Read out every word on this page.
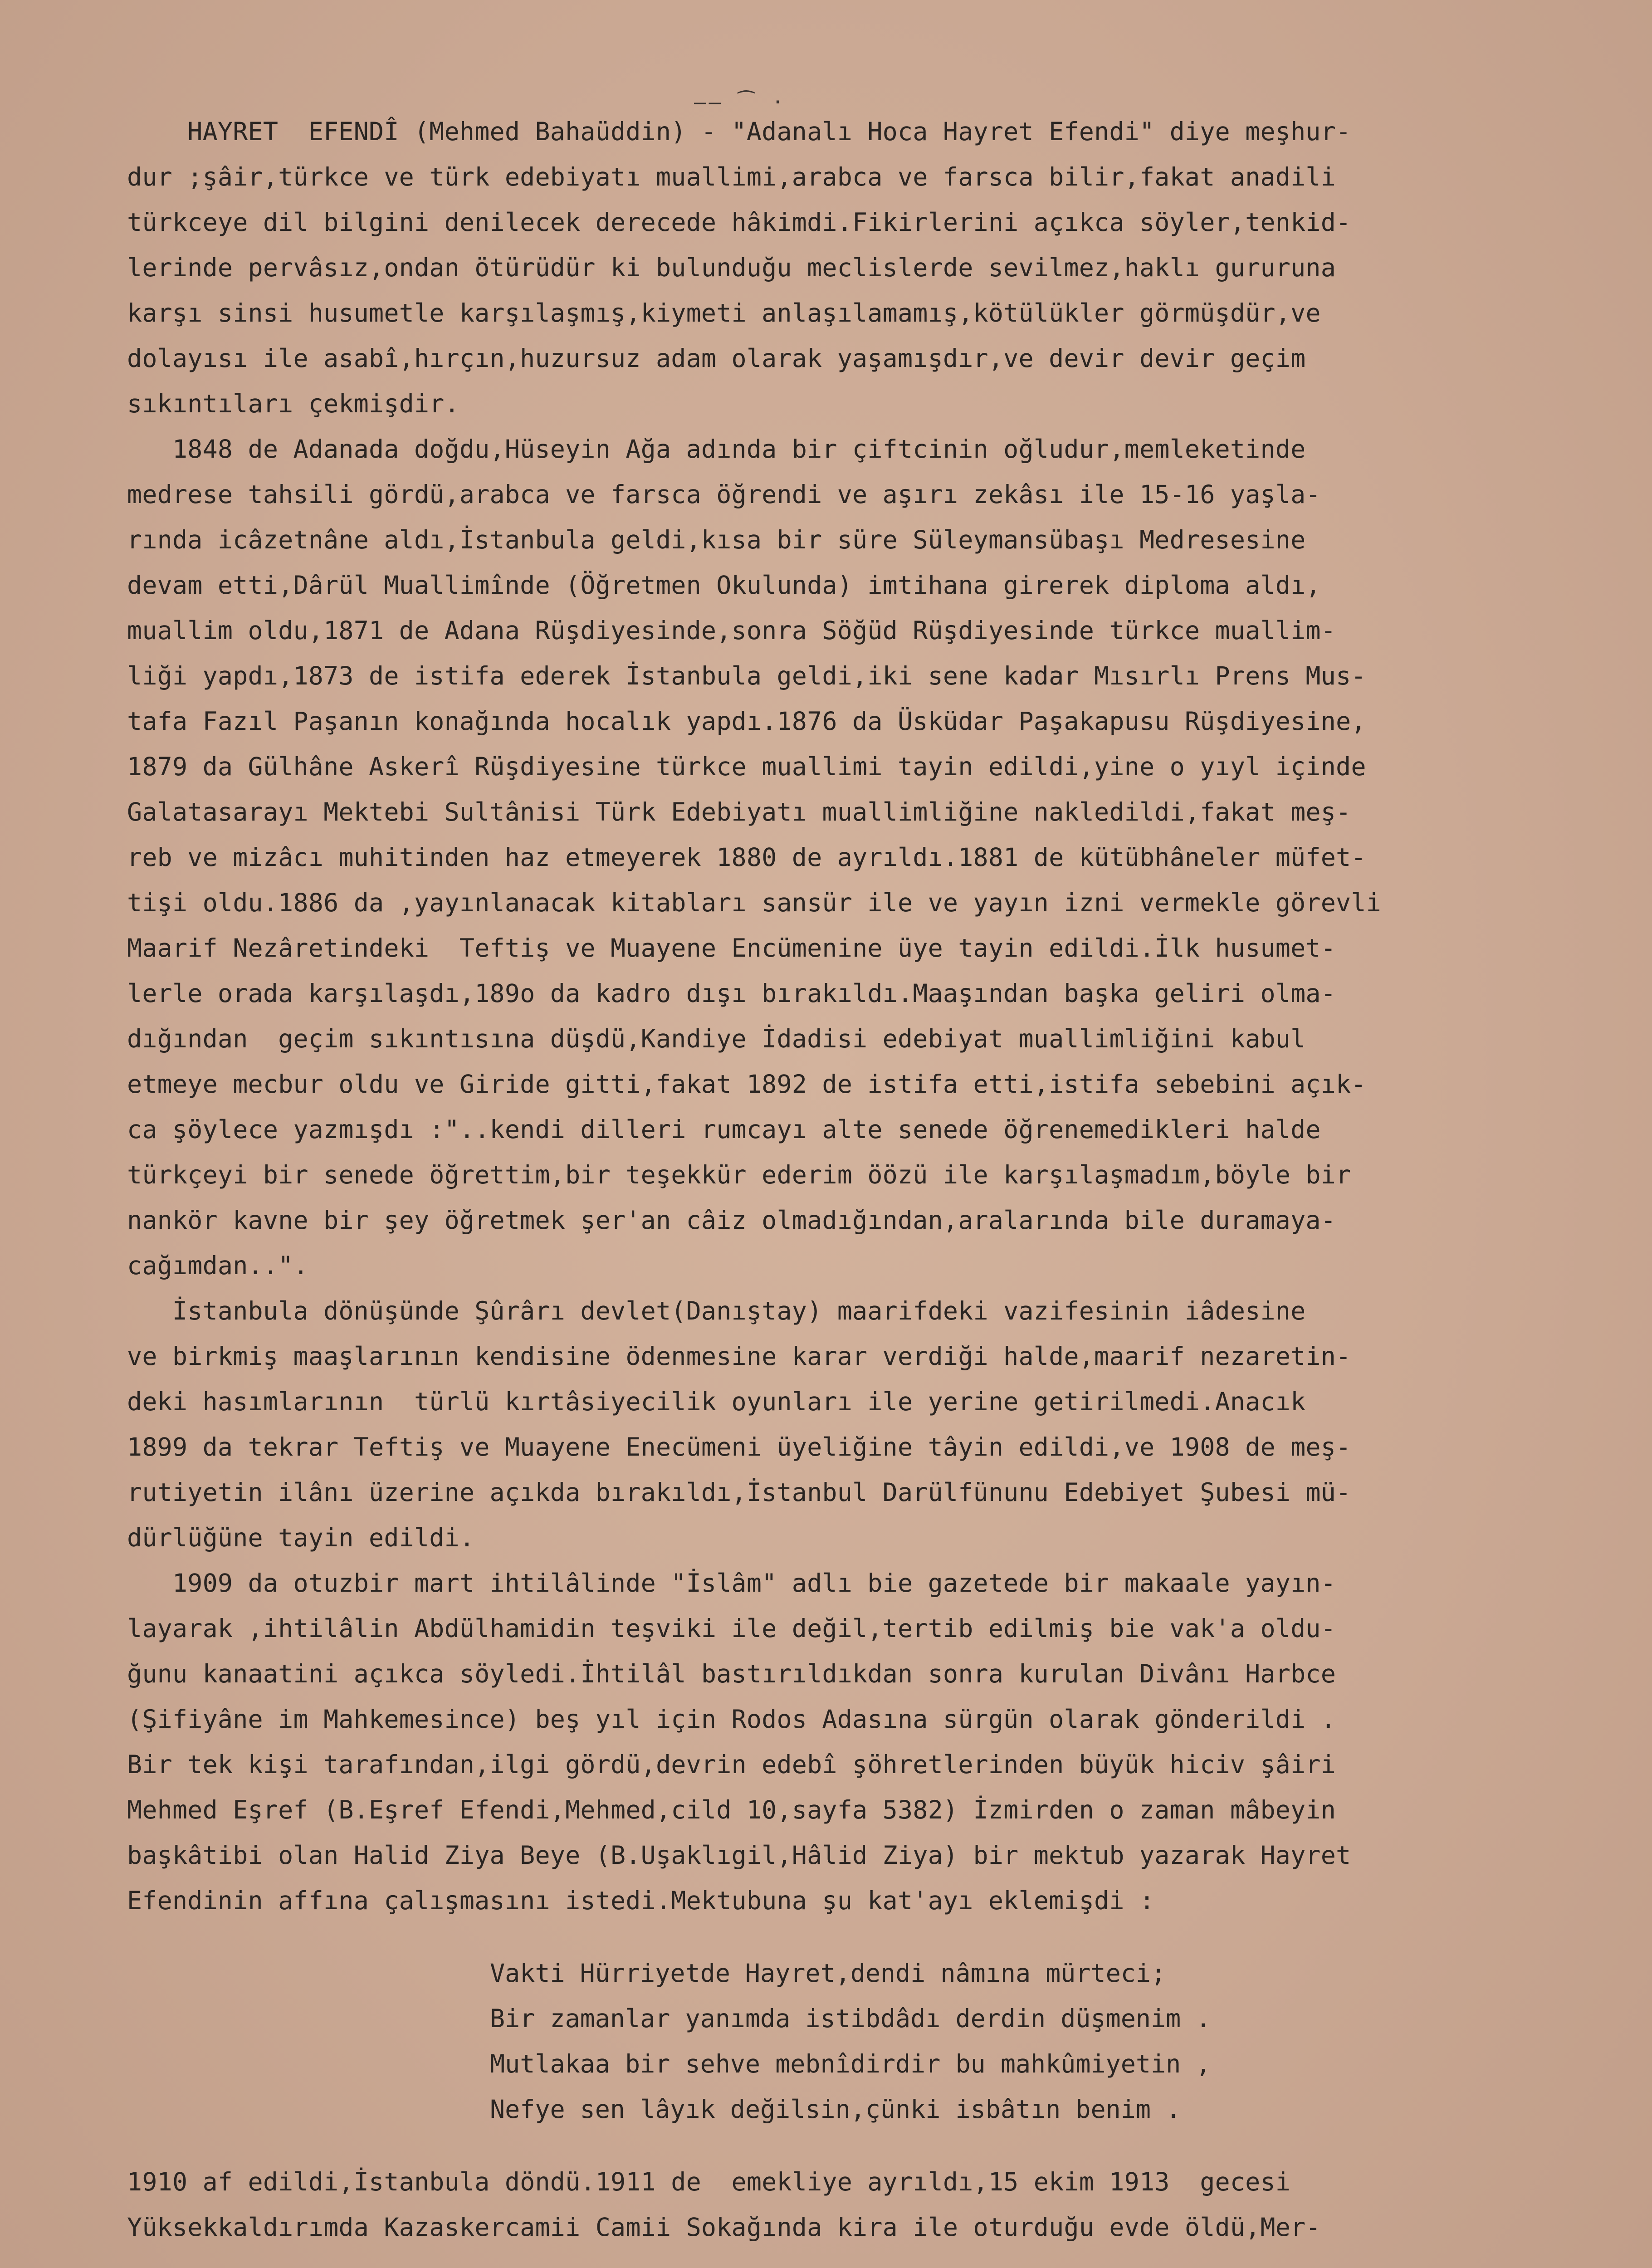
—— ⁀ ·
HAYRET  EFENDÎ (Mehmed Bahaüddin) - "Adanalı Hoca Hayret Efendi" diye meşhur-
dur ;şâir,türkce ve türk edebiyatı muallimi,arabca ve farsca bilir,fakat anadili
türkceye dil bilgini denilecek derecede hâkimdi.Fikirlerini açıkca söyler,tenkid-
lerinde pervâsız,ondan ötürüdür ki bulunduğu meclislerde sevilmez,haklı gururuna
karşı sinsi husumetle karşılaşmış,kiymeti anlaşılamamış,kötülükler görmüşdür,ve
dolayısı ile asabî,hırçın,huzursuz adam olarak yaşamışdır,ve devir devir geçim
sıkıntıları çekmişdir.
1848 de Adanada doğdu,Hüseyin Ağa adında bir çiftcinin oğludur,memleketinde
medrese tahsili gördü,arabca ve farsca öğrendi ve aşırı zekâsı ile 15-16 yaşla-
rında icâzetnâne aldı,İstanbula geldi,kısa bir süre Süleymansübaşı Medresesine
devam etti,Dârül Muallimînde (Öğretmen Okulunda) imtihana girerek diploma aldı,
muallim oldu,1871 de Adana Rüşdiyesinde,sonra Söğüd Rüşdiyesinde türkce muallim-
liği yapdı,1873 de istifa ederek İstanbula geldi,iki sene kadar Mısırlı Prens Mus-
tafa Fazıl Paşanın konağında hocalık yapdı.1876 da Üsküdar Paşakapusu Rüşdiyesine,
1879 da Gülhâne Askerî Rüşdiyesine türkce muallimi tayin edildi,yine o yıyl içinde
Galatasarayı Mektebi Sultânisi Türk Edebiyatı muallimliğine nakledildi,fakat meş-
reb ve mizâcı muhitinden haz etmeyerek 1880 de ayrıldı.1881 de kütübhâneler müfet-
tişi oldu.1886 da ,yayınlanacak kitabları sansür ile ve yayın izni vermekle görevli
Maarif Nezâretindeki  Teftiş ve Muayene Encümenine üye tayin edildi.İlk husumet-
lerle orada karşılaşdı,189o da kadro dışı bırakıldı.Maaşından başka geliri olma-
dığından  geçim sıkıntısına düşdü,Kandiye İdadisi edebiyat muallimliğini kabul
etmeye mecbur oldu ve Giride gitti,fakat 1892 de istifa etti,istifa sebebini açık-
ca şöylece yazmışdı :"..kendi dilleri rumcayı alte senede öğrenemedikleri halde
türkçeyi bir senede öğrettim,bir teşekkür ederim öözü ile karşılaşmadım,böyle bir
nankör kavne bir şey öğretmek şer'an câiz olmadığından,aralarında bile duramaya-
cağımdan..".
İstanbula dönüşünde Şûrârı devlet(Danıştay) maarifdeki vazifesinin iâdesine
ve birkmiş maaşlarının kendisine ödenmesine karar verdiği halde,maarif nezaretin-
deki hasımlarının  türlü kırtâsiyecilik oyunları ile yerine getirilmedi.Anacık
1899 da tekrar Teftiş ve Muayene Enecümeni üyeliğine tâyin edildi,ve 1908 de meş-
rutiyetin ilânı üzerine açıkda bırakıldı,İstanbul Darülfünunu Edebiyet Şubesi mü-
dürlüğüne tayin edildi.
1909 da otuzbir mart ihtilâlinde "İslâm" adlı bie gazetede bir makaale yayın-
layarak ,ihtilâlin Abdülhamidin teşviki ile değil,tertib edilmiş bie vak'a oldu-
ğunu kanaatini açıkca söyledi.İhtilâl bastırıldıkdan sonra kurulan Divânı Harbce
(Şifiyâne im Mahkemesince) beş yıl için Rodos Adasına sürgün olarak gönderildi .
Bir tek kişi tarafından,ilgi gördü,devrin edebî şöhretlerinden büyük hiciv şâiri
Mehmed Eşref (B.Eşref Efendi,Mehmed,cild 10,sayfa 5382) İzmirden o zaman mâbeyin
başkâtibi olan Halid Ziya Beye (B.Uşaklıgil,Hâlid Ziya) bir mektub yazarak Hayret
Efendinin affına çalışmasını istedi.Mektubuna şu kat'ayı eklemişdi :
Vakti Hürriyetde Hayret,dendi nâmına mürteci;
Bir zamanlar yanımda istibdâdı derdin düşmenim .
Mutlakaa bir sehve mebnîdirdir bu mahkûmiyetin ,
Nefye sen lâyık değilsin,çünki isbâtın benim .
1910 af edildi,İstanbula döndü.1911 de  emekliye ayrıldı,15 ekim 1913  gecesi
Yüksekkaldırımda Kazaskercamii Camii Sokağında kira ile oturduğu evde öldü,Mer-
